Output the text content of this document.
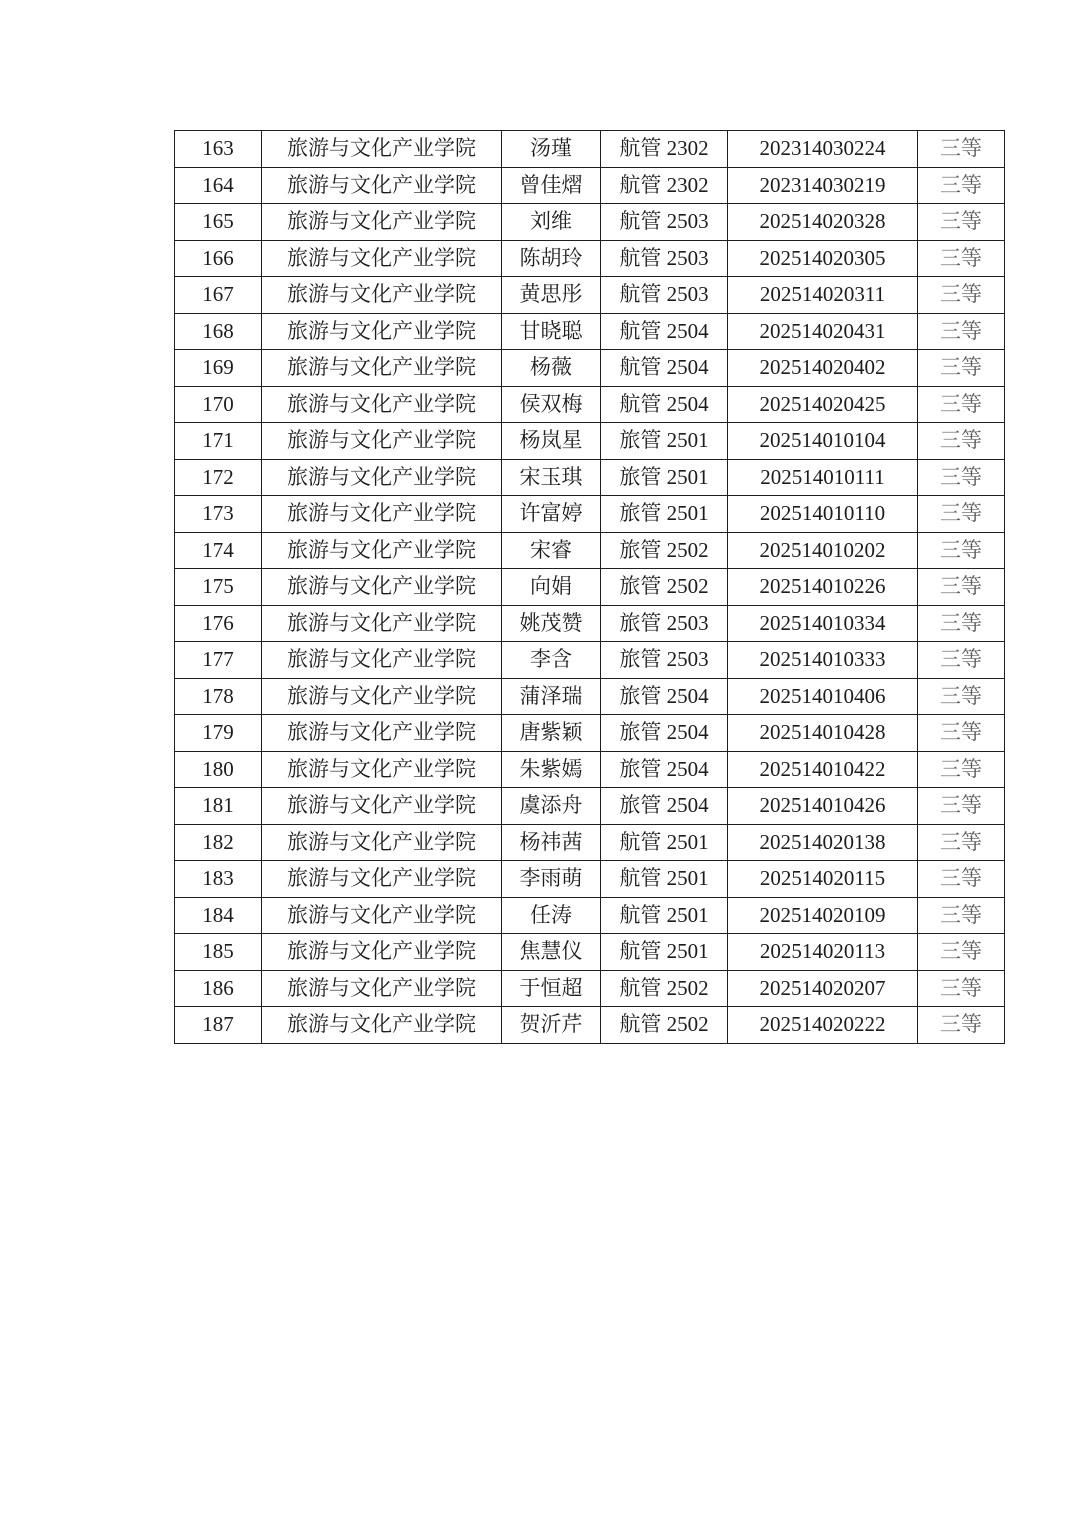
163	旅游与文化产业学院	汤瑾	航管 2302	202314030224	三等
164	旅游与文化产业学院	曾佳熠	航管 2302	202314030219	三等
165	旅游与文化产业学院	刘维	航管 2503	202514020328	三等
166	旅游与文化产业学院	陈胡玲	航管 2503	202514020305	三等
167	旅游与文化产业学院	黄思彤	航管 2503	202514020311	三等
168	旅游与文化产业学院	甘晓聪	航管 2504	202514020431	三等
169	旅游与文化产业学院	杨薇	航管 2504	202514020402	三等
170	旅游与文化产业学院	侯双梅	航管 2504	202514020425	三等
171	旅游与文化产业学院	杨岚星	旅管 2501	202514010104	三等
172	旅游与文化产业学院	宋玉琪	旅管 2501	202514010111	三等
173	旅游与文化产业学院	许富婷	旅管 2501	202514010110	三等
174	旅游与文化产业学院	宋睿	旅管 2502	202514010202	三等
175	旅游与文化产业学院	向娟	旅管 2502	202514010226	三等
176	旅游与文化产业学院	姚茂赞	旅管 2503	202514010334	三等
177	旅游与文化产业学院	李含	旅管 2503	202514010333	三等
178	旅游与文化产业学院	蒲泽瑞	旅管 2504	202514010406	三等
179	旅游与文化产业学院	唐紫颖	旅管 2504	202514010428	三等
180	旅游与文化产业学院	朱紫嫣	旅管 2504	202514010422	三等
181	旅游与文化产业学院	虞添舟	旅管 2504	202514010426	三等
182	旅游与文化产业学院	杨祎茜	航管 2501	202514020138	三等
183	旅游与文化产业学院	李雨萌	航管 2501	202514020115	三等
184	旅游与文化产业学院	任涛	航管 2501	202514020109	三等
185	旅游与文化产业学院	焦慧仪	航管 2501	202514020113	三等
186	旅游与文化产业学院	于恒超	航管 2502	202514020207	三等
187	旅游与文化产业学院	贺沂芹	航管 2502	202514020222	三等
